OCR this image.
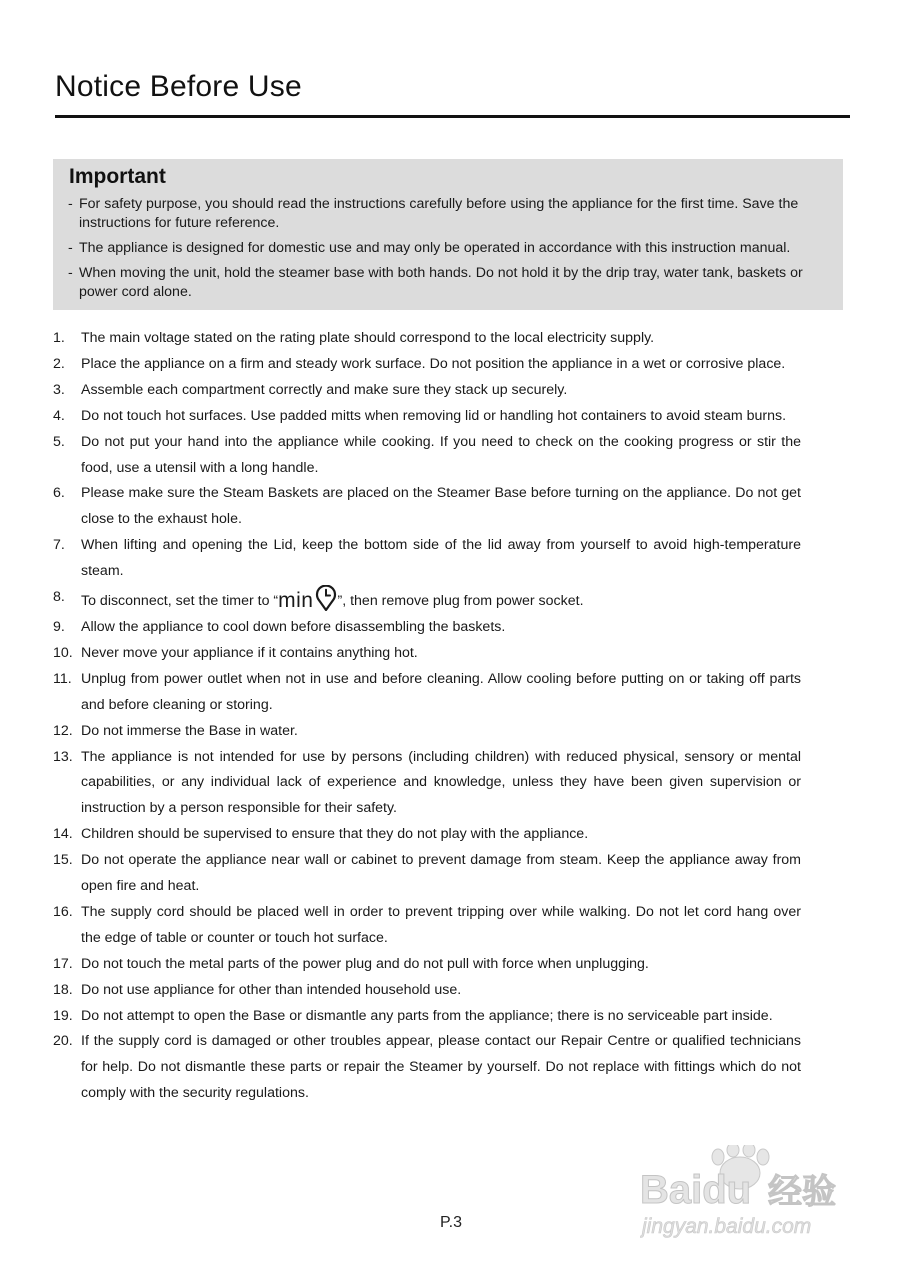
Notice Before Use
Important
- For safety purpose, you should read the instructions carefully before using the appliance for the first time. Save the instructions for future reference.
- The appliance is designed for domestic use and may only be operated in accordance with this instruction manual.
- When moving the unit, hold the steamer base with both hands. Do not hold it by the drip tray, water tank, baskets or power cord alone.
1. The main voltage stated on the rating plate should correspond to the local electricity supply.
2. Place the appliance on a firm and steady work surface. Do not position the appliance in a wet or corrosive place.
3. Assemble each compartment correctly and make sure they stack up securely.
4. Do not touch hot surfaces. Use padded mitts when removing lid or handling hot containers to avoid steam burns.
5. Do not put your hand into the appliance while cooking. If you need to check on the cooking progress or stir the food, use a utensil with a long handle.
6. Please make sure the Steam Baskets are placed on the Steamer Base before turning on the appliance. Do not get close to the exhaust hole.
7. When lifting and opening the Lid, keep the bottom side of the lid away from yourself to avoid high-temperature steam.
8. To disconnect, set the timer to “min ”, then remove plug from power socket.
9. Allow the appliance to cool down before disassembling the baskets.
10. Never move your appliance if it contains anything hot.
11. Unplug from power outlet when not in use and before cleaning. Allow cooling before putting on or taking off parts and before cleaning or storing.
12. Do not immerse the Base in water.
13. The appliance is not intended for use by persons (including children) with reduced physical, sensory or mental capabilities, or any individual lack of experience and knowledge, unless they have been given supervision or instruction by a person responsible for their safety.
14. Children should be supervised to ensure that they do not play with the appliance.
15. Do not operate the appliance near wall or cabinet to prevent damage from steam. Keep the appliance away from open fire and heat.
16. The supply cord should be placed well in order to prevent tripping over while walking. Do not let cord hang over the edge of table or counter or touch hot surface.
17. Do not touch the metal parts of the power plug and do not pull with force when unplugging.
18. Do not use appliance for other than intended household use.
19. Do not attempt to open the Base or dismantle any parts from the appliance; there is no serviceable part inside.
20. If the supply cord is damaged or other troubles appear, please contact our Repair Centre or qualified technicians for help. Do not dismantle these parts or repair the Steamer by yourself. Do not replace with fittings which do not comply with the security regulations.
P.3
Baidu 经验
jingyan.baidu.com
